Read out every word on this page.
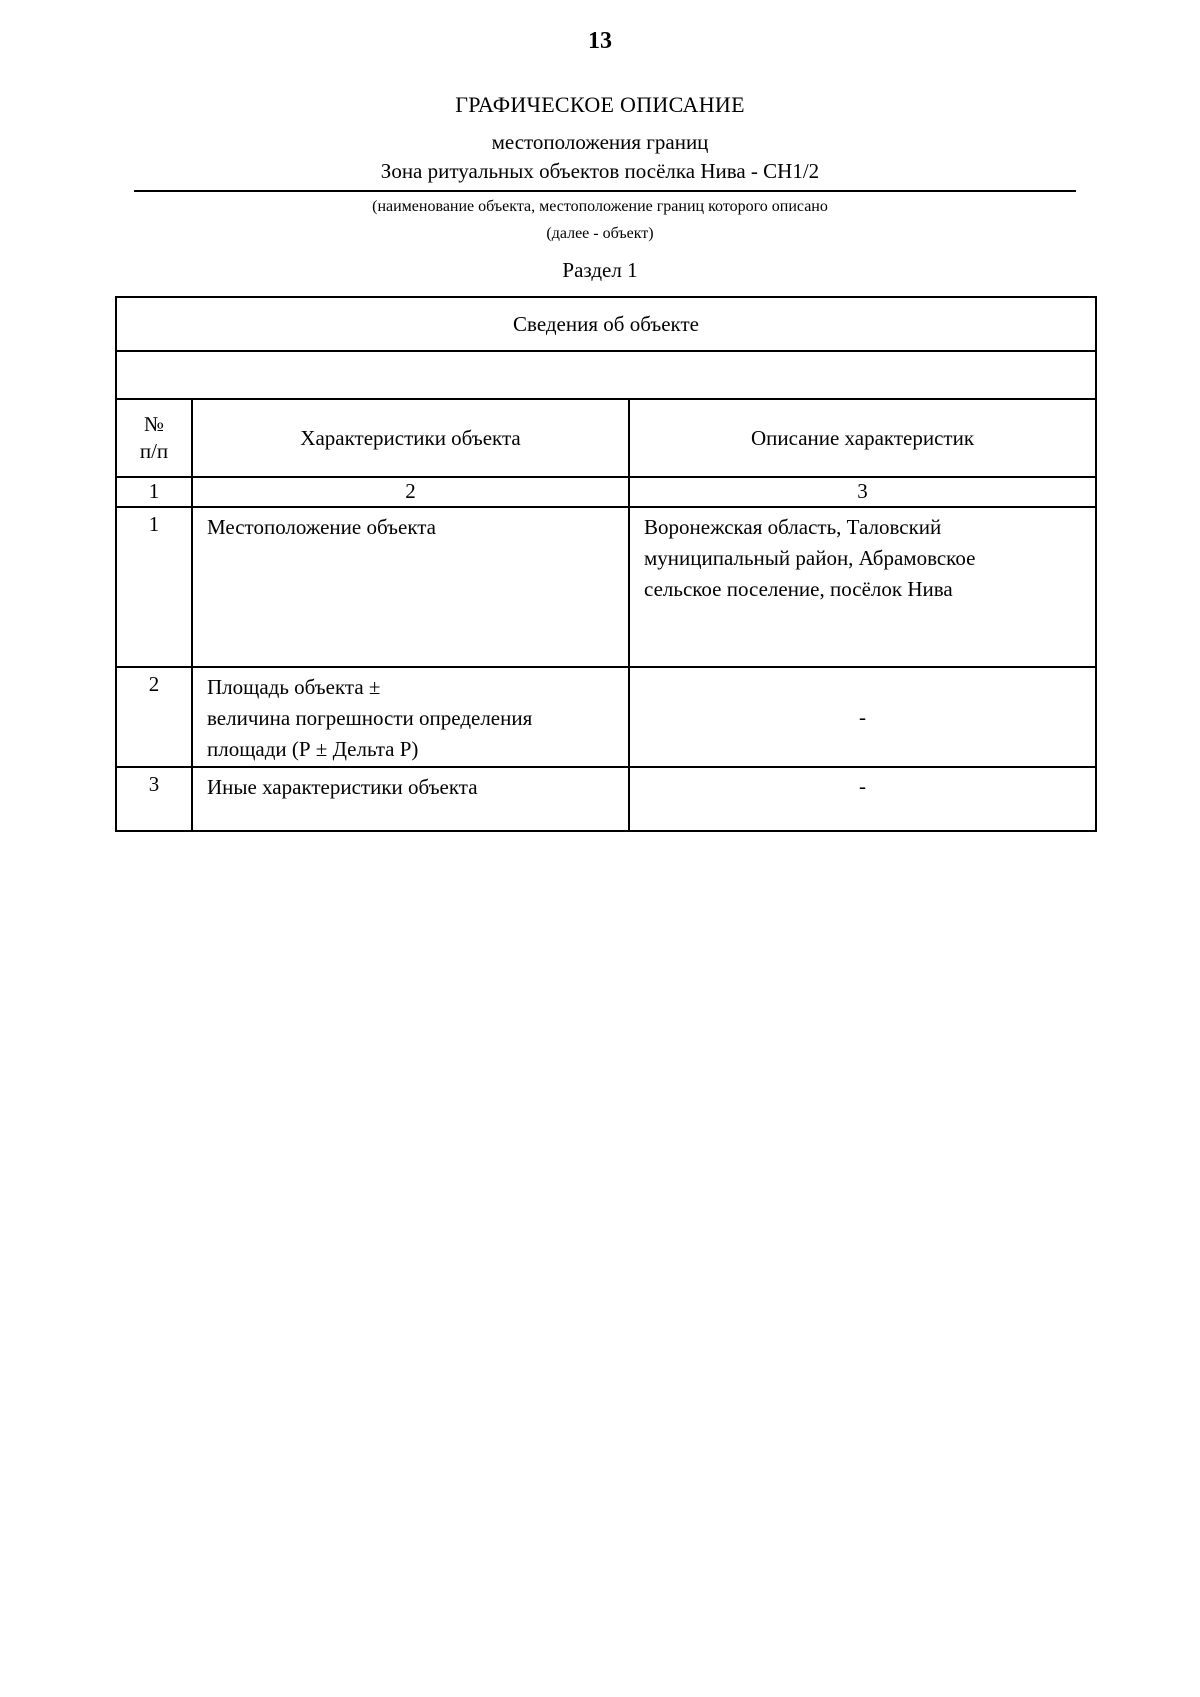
13
ГРАФИЧЕСКОЕ ОПИСАНИЕ
местоположения границ
Зона ритуальных объектов посёлка Нива - СН1/2
(наименование объекта, местоположение границ которого описано
(далее - объект)
Раздел 1
Сведения об объекте		

№
п/п	Характеристики объекта	Описание характеристик
1	2	3
1	Местоположение объекта	Воронежская область, Таловский
муниципальный район, Абрамовское
сельское поселение, посёлок Нива

2	Площадь объекта ±
величина погрешности определения
площади (Р ± Дельта Р)	-
3	Иные характеристики объекта	-
